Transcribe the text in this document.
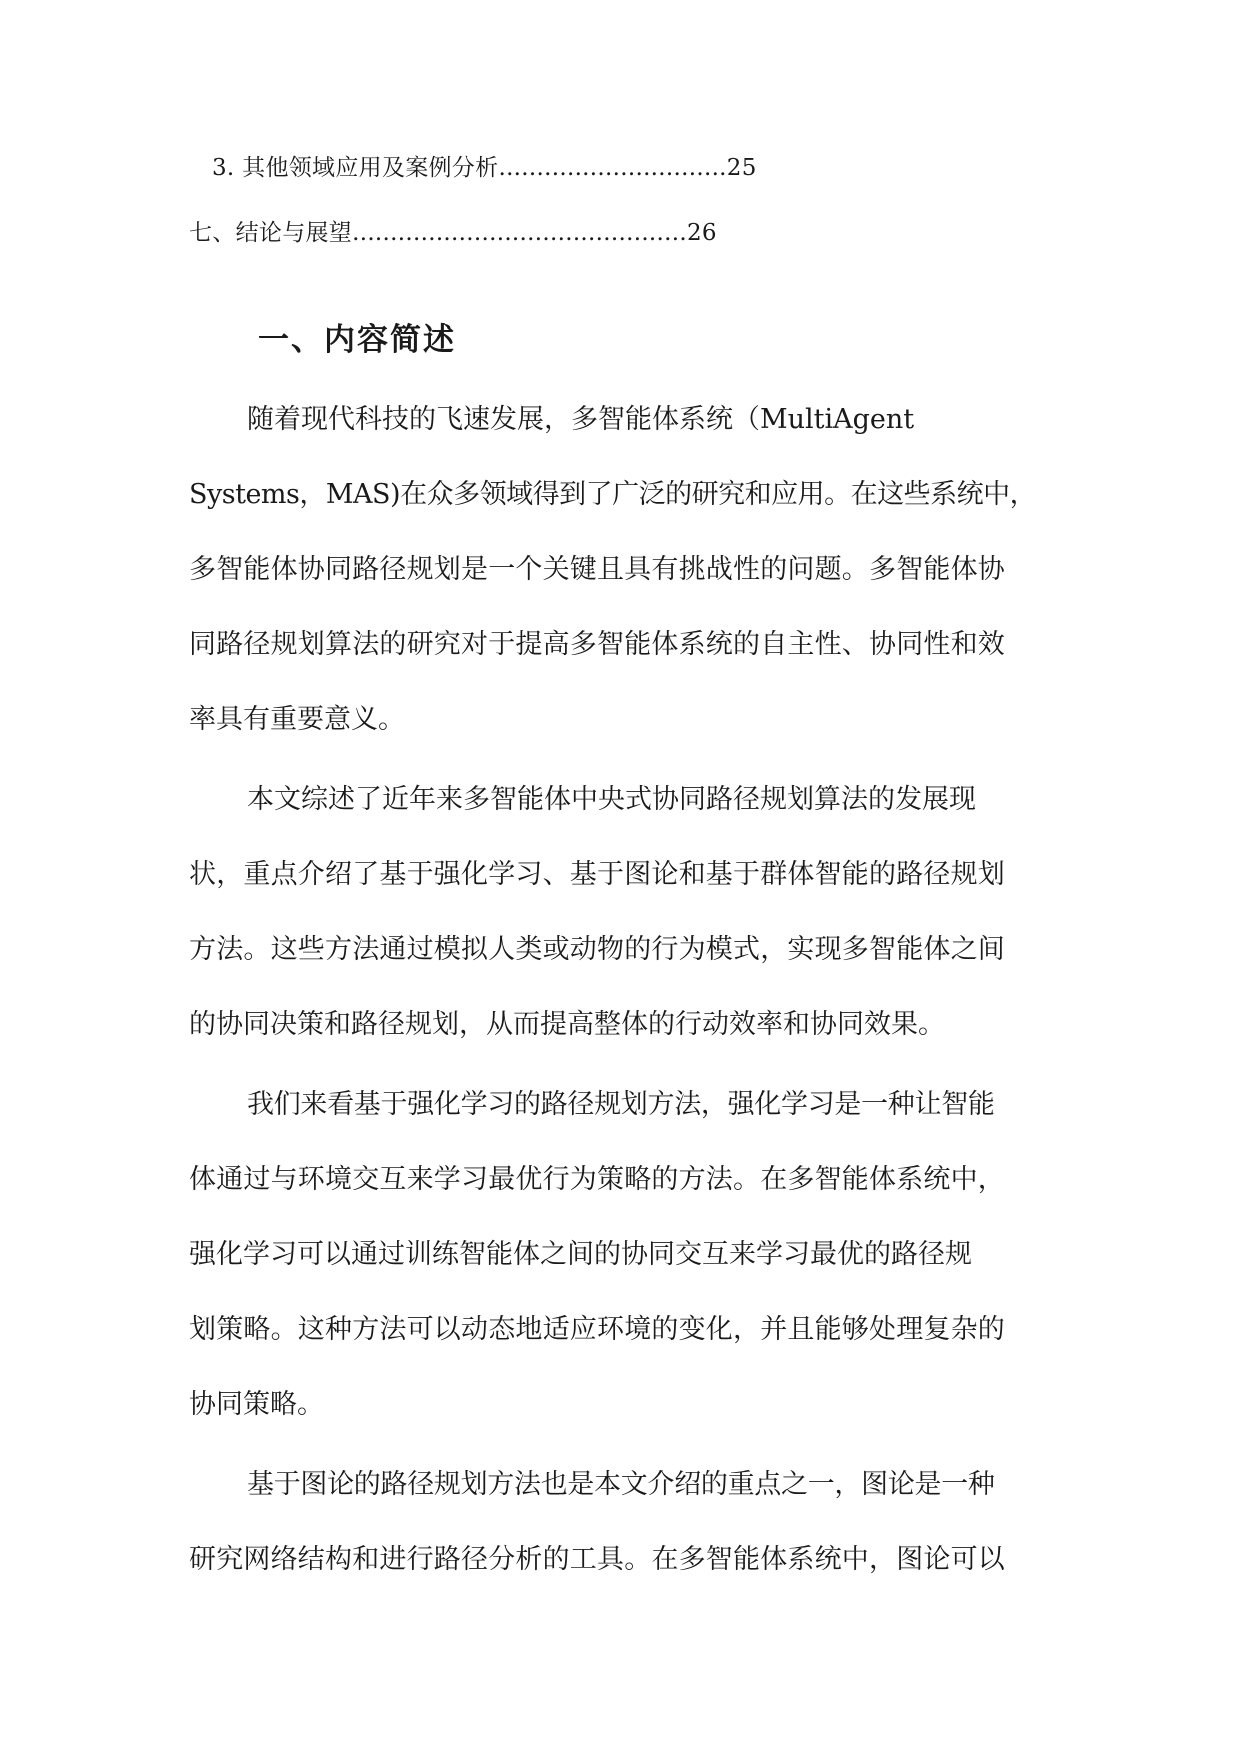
3. 其他领域应用及案例分析..............................25
七、结论与展望............................................26
一、内容简述
随着现代科技的飞速发展，多智能体系统（MultiAgent
Systems，MAS)在众多领域得到了广泛的研究和应用。在这些系统中，
多智能体协同路径规划是一个关键且具有挑战性的问题。多智能体协
同路径规划算法的研究对于提高多智能体系统的自主性、协同性和效
率具有重要意义。
本文综述了近年来多智能体中央式协同路径规划算法的发展现
状，重点介绍了基于强化学习、基于图论和基于群体智能的路径规划
方法。这些方法通过模拟人类或动物的行为模式，实现多智能体之间
的协同决策和路径规划，从而提高整体的行动效率和协同效果。
我们来看基于强化学习的路径规划方法，强化学习是一种让智能
体通过与环境交互来学习最优行为策略的方法。在多智能体系统中，
强化学习可以通过训练智能体之间的协同交互来学习最优的路径规
划策略。这种方法可以动态地适应环境的变化，并且能够处理复杂的
协同策略。
基于图论的路径规划方法也是本文介绍的重点之一，图论是一种
研究网络结构和进行路径分析的工具。在多智能体系统中，图论可以
